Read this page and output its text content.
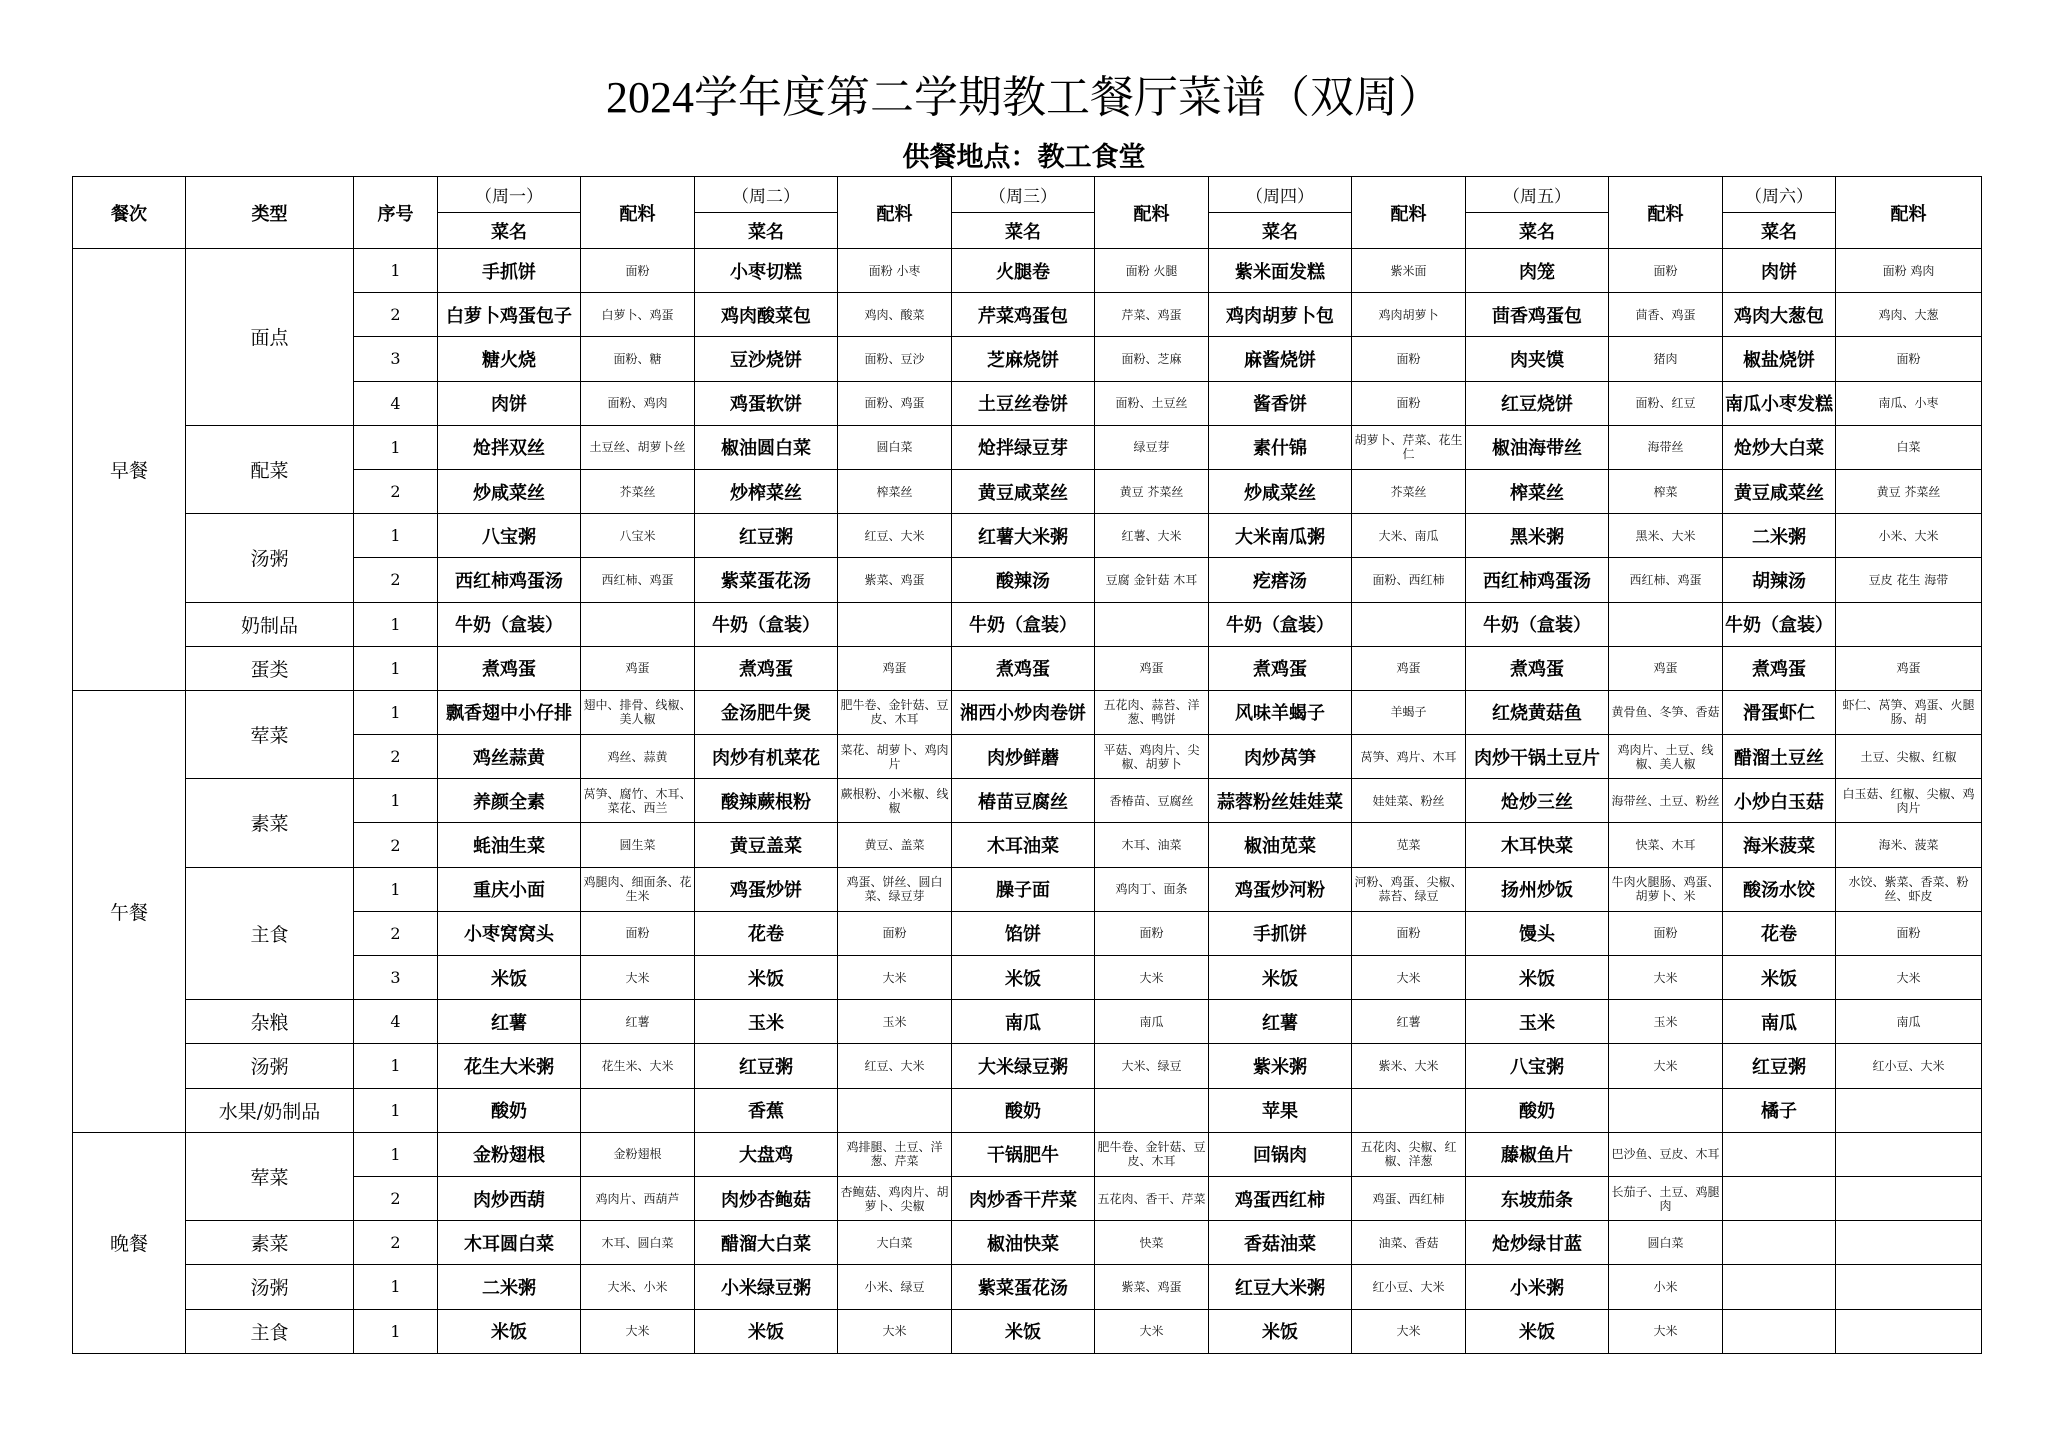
2024学年度第二学期教工餐厅菜谱（双周）
供餐地点：教工食堂
餐次	类型	序号	（周一）	配料	（周二）	配料	（周三）	配料	（周四）	配料	（周五）	配料	（周六）	配料
			菜名		菜名		菜名		菜名		菜名		菜名	
早餐	面点	1	手抓饼	面粉	小枣切糕	面粉 小枣	火腿卷	面粉 火腿	紫米面发糕	紫米面	肉笼	面粉	肉饼	面粉 鸡肉
		2	白萝卜鸡蛋包子	白萝卜、鸡蛋	鸡肉酸菜包	鸡肉、酸菜	芹菜鸡蛋包	芹菜、鸡蛋	鸡肉胡萝卜包	鸡肉胡萝卜	茴香鸡蛋包	茴香、鸡蛋	鸡肉大葱包	鸡肉、大葱
		3	糖火烧	面粉、糖	豆沙烧饼	面粉、豆沙	芝麻烧饼	面粉、芝麻	麻酱烧饼	面粉	肉夹馍	猪肉	椒盐烧饼	面粉
		4	肉饼	面粉、鸡肉	鸡蛋软饼	面粉、鸡蛋	土豆丝卷饼	面粉、土豆丝	酱香饼	面粉	红豆烧饼	面粉、红豆	南瓜小枣发糕	南瓜、小枣
	配菜	1	炝拌双丝	土豆丝、胡萝卜丝	椒油圆白菜	圆白菜	炝拌绿豆芽	绿豆芽	素什锦	胡萝卜、芹菜、花生仁	椒油海带丝	海带丝	炝炒大白菜	白菜
		2	炒咸菜丝	芥菜丝	炒榨菜丝	榨菜丝	黄豆咸菜丝	黄豆 芥菜丝	炒咸菜丝	芥菜丝	榨菜丝	榨菜	黄豆咸菜丝	黄豆 芥菜丝
	汤粥	1	八宝粥	八宝米	红豆粥	红豆、大米	红薯大米粥	红薯、大米	大米南瓜粥	大米、南瓜	黑米粥	黑米、大米	二米粥	小米、大米
		2	西红柿鸡蛋汤	西红柿、鸡蛋	紫菜蛋花汤	紫菜、鸡蛋	酸辣汤	豆腐 金针菇 木耳	疙瘩汤	面粉、西红柿	西红柿鸡蛋汤	西红柿、鸡蛋	胡辣汤	豆皮 花生 海带
	奶制品	1	牛奶（盒装）		牛奶（盒装）		牛奶（盒装）		牛奶（盒装）		牛奶（盒装）		牛奶（盒装）	
	蛋类	1	煮鸡蛋	鸡蛋	煮鸡蛋	鸡蛋	煮鸡蛋	鸡蛋	煮鸡蛋	鸡蛋	煮鸡蛋	鸡蛋	煮鸡蛋	鸡蛋
午餐	荤菜	1	飘香翅中小仔排	翅中、排骨、线椒、美人椒	金汤肥牛煲	肥牛卷、金针菇、豆皮、木耳	湘西小炒肉卷饼	五花肉、蒜苔、洋葱、鸭饼	风味羊蝎子	羊蝎子	红烧黄菇鱼	黄骨鱼、冬笋、香菇	滑蛋虾仁	虾仁、莴笋、鸡蛋、火腿肠、胡
		2	鸡丝蒜黄	鸡丝、蒜黄	肉炒有机菜花	菜花、胡萝卜、鸡肉片	肉炒鲜蘑	平菇、鸡肉片、尖椒、胡萝卜	肉炒莴笋	莴笋、鸡片、木耳	肉炒干锅土豆片	鸡肉片、土豆、线椒、美人椒	醋溜土豆丝	土豆、尖椒、红椒
	素菜	1	养颜全素	莴笋、腐竹、木耳、菜花、西兰	酸辣蕨根粉	蕨根粉、小米椒、线椒	椿苗豆腐丝	香椿苗、豆腐丝	蒜蓉粉丝娃娃菜	娃娃菜、粉丝	炝炒三丝	海带丝、土豆、粉丝	小炒白玉菇	白玉菇、红椒、尖椒、鸡肉片
		2	蚝油生菜	圆生菜	黄豆盖菜	黄豆、盖菜	木耳油菜	木耳、油菜	椒油苋菜	苋菜	木耳快菜	快菜、木耳	海米菠菜	海米、菠菜
	主食	1	重庆小面	鸡腿肉、细面条、花生米	鸡蛋炒饼	鸡蛋、饼丝、圆白菜、绿豆芽	臊子面	鸡肉丁、面条	鸡蛋炒河粉	河粉、鸡蛋、尖椒、蒜苔、绿豆	扬州炒饭	牛肉火腿肠、鸡蛋、胡萝卜、米	酸汤水饺	水饺、紫菜、香菜、粉丝、虾皮
		2	小枣窝窝头	面粉	花卷	面粉	馅饼	面粉	手抓饼	面粉	馒头	面粉	花卷	面粉
		3	米饭	大米	米饭	大米	米饭	大米	米饭	大米	米饭	大米	米饭	大米
	杂粮	4	红薯	红薯	玉米	玉米	南瓜	南瓜	红薯	红薯	玉米	玉米	南瓜	南瓜
	汤粥	1	花生大米粥	花生米、大米	红豆粥	红豆、大米	大米绿豆粥	大米、绿豆	紫米粥	紫米、大米	八宝粥	大米	红豆粥	红小豆、大米
	水果/奶制品	1	酸奶		香蕉		酸奶		苹果		酸奶		橘子	
晚餐	荤菜	1	金粉翅根	金粉翅根	大盘鸡	鸡排腿、土豆、洋葱、芹菜	干锅肥牛	肥牛卷、金针菇、豆皮、木耳	回锅肉	五花肉、尖椒、红椒、洋葱	藤椒鱼片	巴沙鱼、豆皮、木耳		
		2	肉炒西葫	鸡肉片、西葫芦	肉炒杏鲍菇	杏鲍菇、鸡肉片、胡萝卜、尖椒	肉炒香干芹菜	五花肉、香干、芹菜	鸡蛋西红柿	鸡蛋、西红柿	东坡茄条	长茄子、土豆、鸡腿肉		
	素菜	2	木耳圆白菜	木耳、圆白菜	醋溜大白菜	大白菜	椒油快菜	快菜	香菇油菜	油菜、香菇	炝炒绿甘蓝	圆白菜		
	汤粥	1	二米粥	大米、小米	小米绿豆粥	小米、绿豆	紫菜蛋花汤	紫菜、鸡蛋	红豆大米粥	红小豆、大米	小米粥	小米		
	主食	1	米饭	大米	米饭	大米	米饭	大米	米饭	大米	米饭	大米		
